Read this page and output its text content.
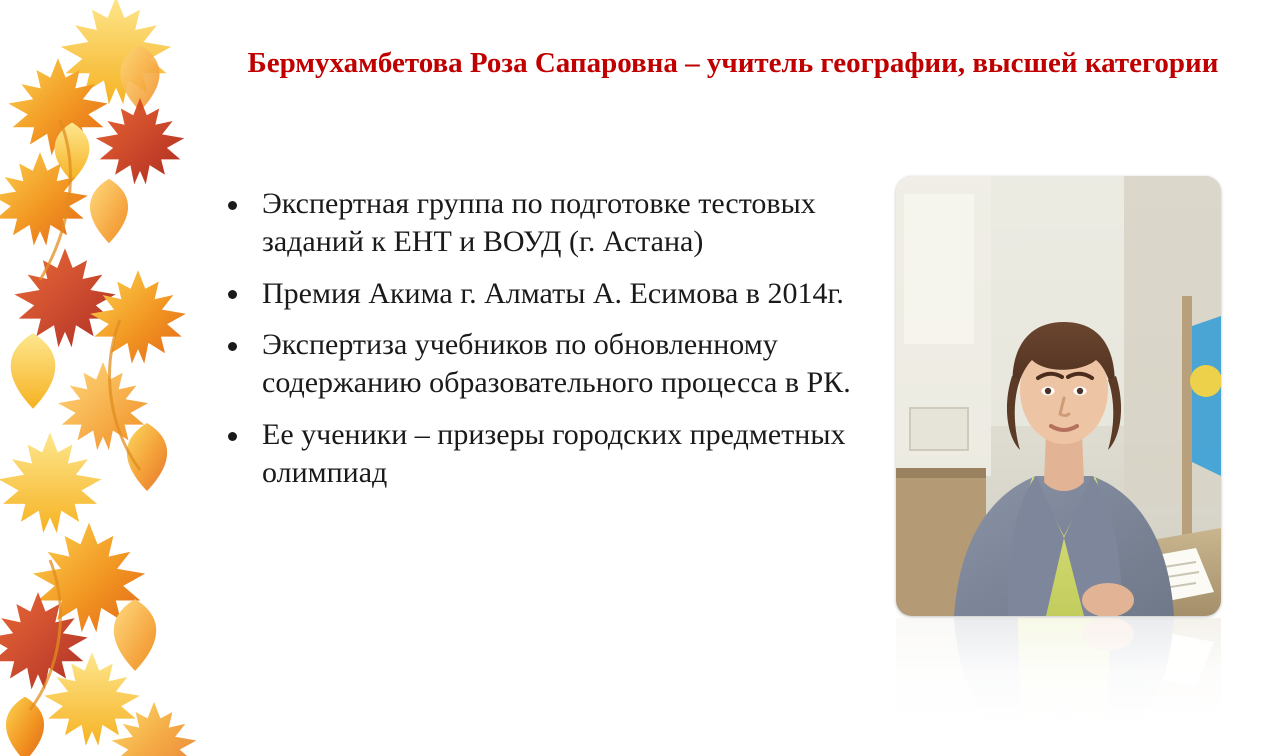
Бермухамбетова Роза Сапаровна – учитель географии, высшей категории
Экспертная группа по подготовке тестовых заданий к ЕНТ и ВОУД (г. Астана)
Премия Акима г. Алматы А. Есимова в 2014г.
Экспертиза учебников по обновленному содержанию образовательного процесса в РК.
Ее ученики – призеры городских предметных олимпиад
